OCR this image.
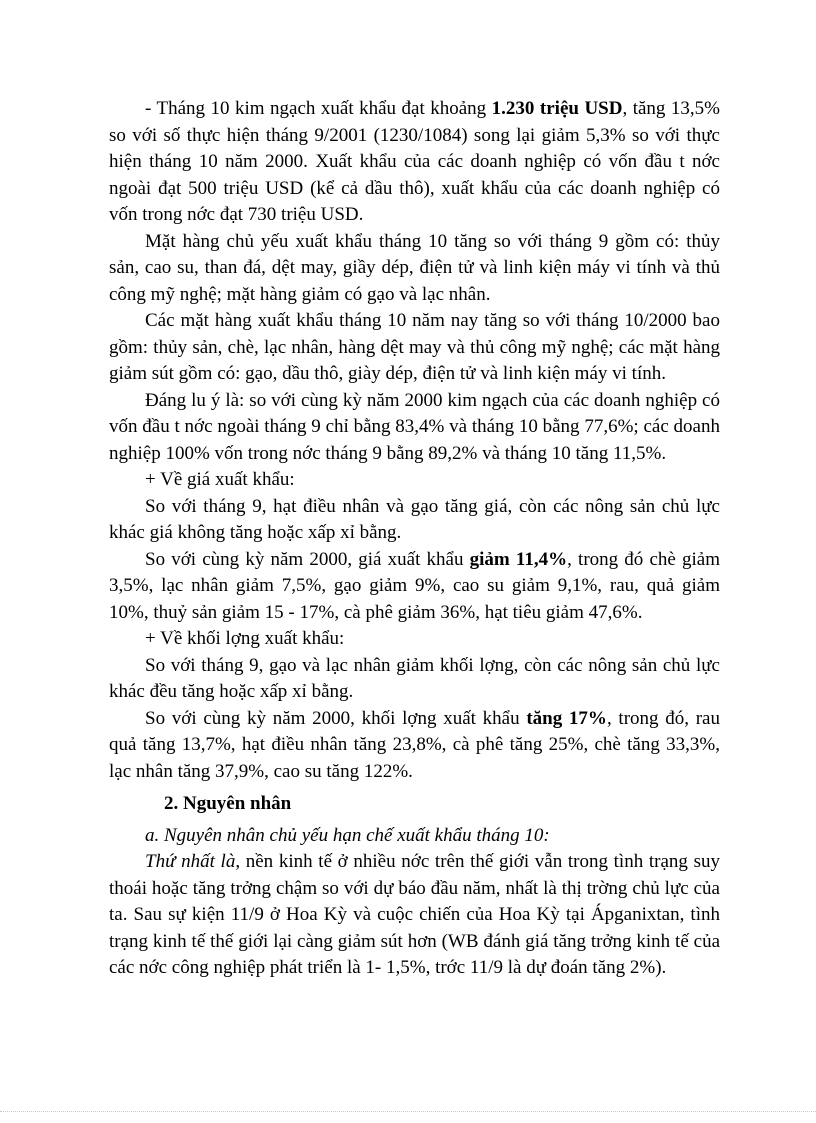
- Tháng 10 kim ngạch xuất khẩu đạt khoảng 1.230 triệu USD, tăng 13,5% so với số thực hiện tháng 9/2001 (1230/1084) song lại giảm 5,3% so với thực hiện tháng 10 năm 2000. Xuất khẩu của các doanh nghiệp có vốn đầu t nớc ngoài đạt 500 triệu USD (kể cả dầu thô), xuất khẩu của các doanh nghiệp có vốn trong nớc đạt 730 triệu USD.

Mặt hàng chủ yếu xuất khẩu tháng 10 tăng so với tháng 9 gồm có: thủy sản, cao su, than đá, dệt may, giầy dép, điện tử và linh kiện máy vi tính và thủ công mỹ nghệ; mặt hàng giảm có gạo và lạc nhân.

Các mặt hàng xuất khẩu tháng 10 năm nay tăng so với tháng 10/2000 bao gồm: thủy sản, chè, lạc nhân, hàng dệt may và thủ công mỹ nghệ; các mặt hàng giảm sút gồm có: gạo, dầu thô, giày dép, điện tử và linh kiện máy vi tính.

Đáng lu ý là: so với cùng kỳ năm 2000 kim ngạch của các doanh nghiệp có vốn đầu t nớc ngoài tháng 9 chỉ bằng 83,4% và tháng 10 bằng 77,6%; các doanh nghiệp 100% vốn trong nớc tháng 9 bằng 89,2% và tháng 10 tăng 11,5%.

+ Về giá xuất khẩu:

So với tháng 9, hạt điều nhân và gạo tăng giá, còn các nông sản chủ lực khác giá không tăng hoặc xấp xỉ bằng.

So với cùng kỳ năm 2000, giá xuất khẩu giảm 11,4%, trong đó chè giảm 3,5%, lạc nhân giảm 7,5%, gạo giảm 9%, cao su giảm 9,1%, rau, quả giảm 10%, thuỷ sản giảm 15 - 17%, cà phê giảm 36%, hạt tiêu giảm 47,6%.

+ Về khối lợng xuất khẩu:

So với tháng 9, gạo và lạc nhân giảm khối lợng, còn các nông sản chủ lực khác đều tăng hoặc xấp xỉ bằng.

So với cùng kỳ năm 2000, khối lợng xuất khẩu tăng 17%, trong đó, rau quả tăng 13,7%, hạt điều nhân tăng 23,8%, cà phê tăng 25%, chè tăng 33,3%, lạc nhân tăng 37,9%, cao su tăng 122%.

2. Nguyên nhân

a. Nguyên nhân chủ yếu hạn chế xuất khẩu tháng 10:

Thứ nhất là, nền kinh tế ở nhiều nớc trên thế giới vẫn trong tình trạng suy thoái hoặc tăng trởng chậm so với dự báo đầu năm, nhất là thị trờng chủ lực của ta. Sau sự kiện 11/9 ở Hoa Kỳ và cuộc chiến của Hoa Kỳ tại Ápganixtan, tình trạng kinh tế thế giới lại càng giảm sút hơn (WB đánh giá tăng trởng kinh tế của các nớc công nghiệp phát triển là 1- 1,5%, trớc 11/9 là dự đoán tăng 2%).
